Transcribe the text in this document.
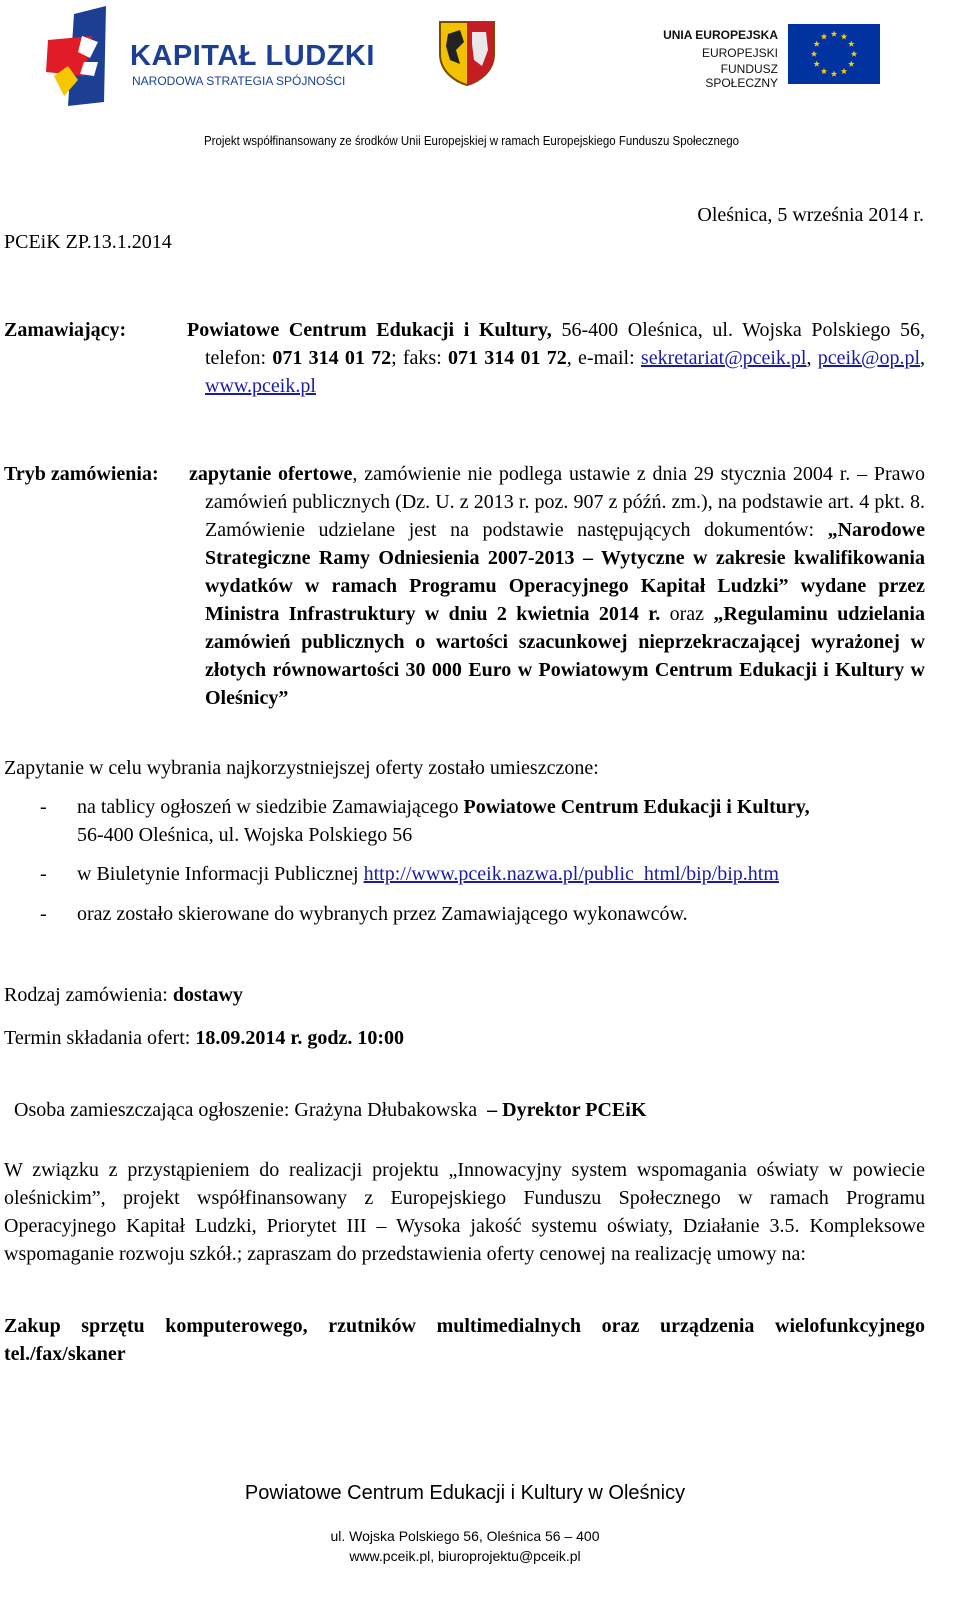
KAPITAŁ LUDZKI
NARODOWA STRATEGIA SPÓJNOŚCI
UNIA EUROPEJSKA
EUROPEJSKI
FUNDUSZ SPOŁECZNY
Projekt współfinansowany ze środków Unii Europejskiej w ramach Europejskiego Funduszu Społecznego
PCEiK ZP.13.1.2014
Oleśnica, 5 września 2014 r.
Zamawiający:	Powiatowe Centrum Edukacji i Kultury, 56-400 Oleśnica, ul. Wojska Polskiego 56, telefon: 071 314 01 72; faks: 071 314 01 72, e-mail: sekretariat@pceik.pl, pceik@op.pl, www.pceik.pl
Tryb zamówienia: zapytanie ofertowe, zamówienie nie podlega ustawie z dnia 29 stycznia 2004 r. – Prawo zamówień publicznych (Dz. U. z 2013 r. poz. 907 z późń. zm.), na podstawie art. 4 pkt. 8. Zamówienie udzielane jest na podstawie następujących dokumentów: „Narodowe Strategiczne Ramy Odniesienia 2007-2013 – Wytyczne w zakresie kwalifikowania wydatków w ramach Programu Operacyjnego Kapitał Ludzki” wydane przez Ministra Infrastruktury w dniu 2 kwietnia 2014 r. oraz „Regulaminu udzielania zamówień publicznych o wartości szacunkowej nieprzekraczającej wyrażonej w złotych równowartości 30 000 Euro w Powiatowym Centrum Edukacji i Kultury w Oleśnicy”
Zapytanie w celu wybrania najkorzystniejszej oferty zostało umieszczone:
- na tablicy ogłoszeń w siedzibie Zamawiającego Powiatowe Centrum Edukacji i Kultury,
56-400 Oleśnica, ul. Wojska Polskiego 56
- w Biuletynie Informacji Publicznej http://www.pceik.nazwa.pl/public_html/bip/bip.htm
- oraz zostało skierowane do wybranych przez Zamawiającego wykonawców.
Rodzaj zamówienia: dostawy
Termin składania ofert: 18.09.2014 r. godz. 10:00

Osoba zamieszczająca ogłoszenie: Grażyna Dłubakowska  – Dyrektor PCEiK

W związku z przystąpieniem do realizacji projektu „Innowacyjny system wspomagania oświaty w powiecie oleśnickim”, projekt współfinansowany z Europejskiego Funduszu Społecznego w ramach Programu Operacyjnego Kapitał Ludzki, Priorytet III – Wysoka jakość systemu oświaty, Działanie 3.5. Kompleksowe wspomaganie rozwoju szkół.; zapraszam do przedstawienia oferty cenowej na realizację umowy na:
Zakup sprzętu komputerowego, rzutników multimedialnych oraz urządzenia wielofunkcyjnego tel./fax/skaner
Powiatowe Centrum Edukacji i Kultury w Oleśnicy
ul. Wojska Polskiego 56, Oleśnica 56 – 400
www.pceik.pl, biuroprojektu@pceik.pl
